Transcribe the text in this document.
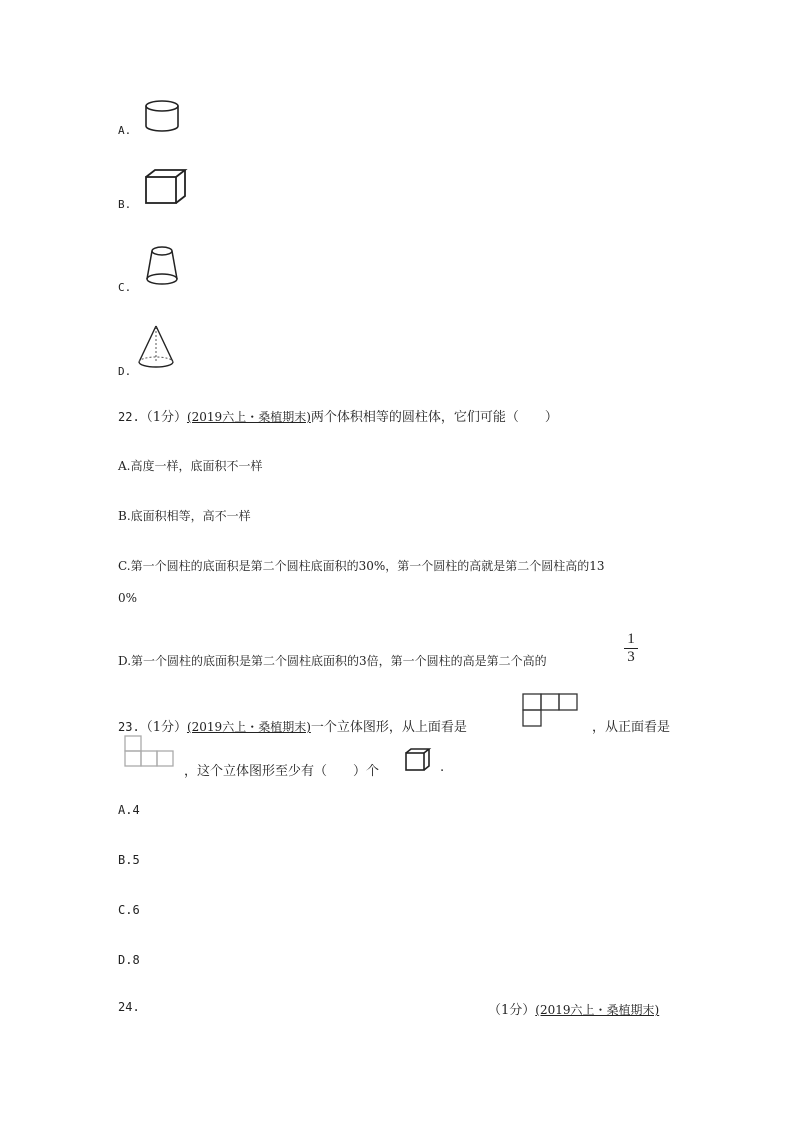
A.
B.
C.
D.
22.（1分）(2019六上・桑植期末)两个体积相等的圆柱体，它们可能（　　）
A.高度一样，底面积不一样
B.底面积相等，高不一样
C.第一个圆柱的底面积是第二个圆柱底面积的30%，第一个圆柱的高就是第二个圆柱高的13
0%
D.第一个圆柱的底面积是第二个圆柱底面积的3倍，第一个圆柱的高是第二个高的
1
3
23.（1分）(2019六上・桑植期末)一个立体图形，从上面看是	，从正面看是
，这个立体图形至少有（　　）个	.
A.4
B.5
C.6
D.8
24.	（1分）(2019六上・桑植期末)
